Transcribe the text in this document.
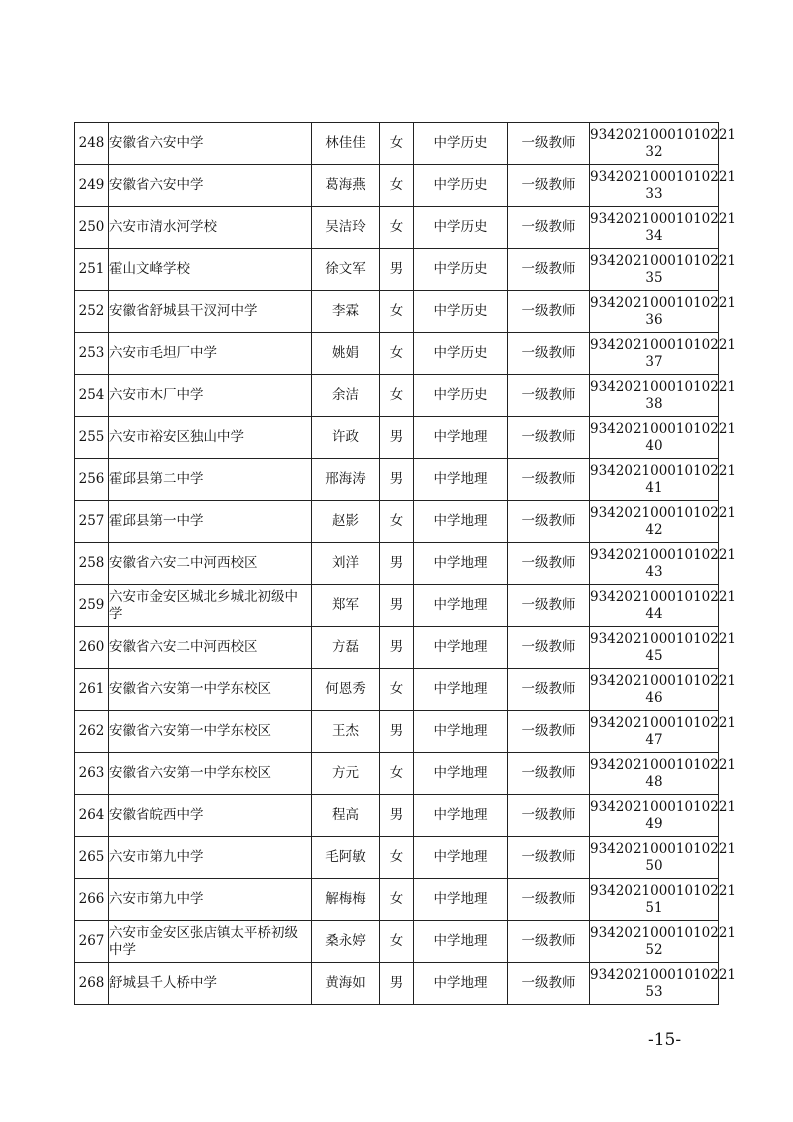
248	安徽省六安中学	林佳佳	女	中学历史	一级教师	93420210001010221
32

249	安徽省六安中学	葛海燕	女	中学历史	一级教师	93420210001010221
33

250	六安市清水河学校	吴洁玲	女	中学历史	一级教师	93420210001010221
34

251	霍山文峰学校	徐文军	男	中学历史	一级教师	93420210001010221
35

252	安徽省舒城县干汊河中学	李霖	女	中学历史	一级教师	93420210001010221
36

253	六安市毛坦厂中学	姚娟	女	中学历史	一级教师	93420210001010221
37

254	六安市木厂中学	余洁	女	中学历史	一级教师	93420210001010221
38

255	六安市裕安区独山中学	许政	男	中学地理	一级教师	93420210001010221
40

256	霍邱县第二中学	邢海涛	男	中学地理	一级教师	93420210001010221
41

257	霍邱县第一中学	赵影	女	中学地理	一级教师	93420210001010221
42

258	安徽省六安二中河西校区	刘洋	男	中学地理	一级教师	93420210001010221
43

259	六安市金安区城北乡城北初级中学	郑军	男	中学地理	一级教师	93420210001010221
44

260	安徽省六安二中河西校区	方磊	男	中学地理	一级教师	93420210001010221
45

261	安徽省六安第一中学东校区	何恩秀	女	中学地理	一级教师	93420210001010221
46

262	安徽省六安第一中学东校区	王杰	男	中学地理	一级教师	93420210001010221
47

263	安徽省六安第一中学东校区	方元	女	中学地理	一级教师	93420210001010221
48

264	安徽省皖西中学	程高	男	中学地理	一级教师	93420210001010221
49

265	六安市第九中学	毛阿敏	女	中学地理	一级教师	93420210001010221
50

266	六安市第九中学	解梅梅	女	中学地理	一级教师	93420210001010221
51

267	六安市金安区张店镇太平桥初级中学	桑永婷	女	中学地理	一级教师	93420210001010221
52

268	舒城县千人桥中学	黄海如	男	中学地理	一级教师	93420210001010221
53
-15-
